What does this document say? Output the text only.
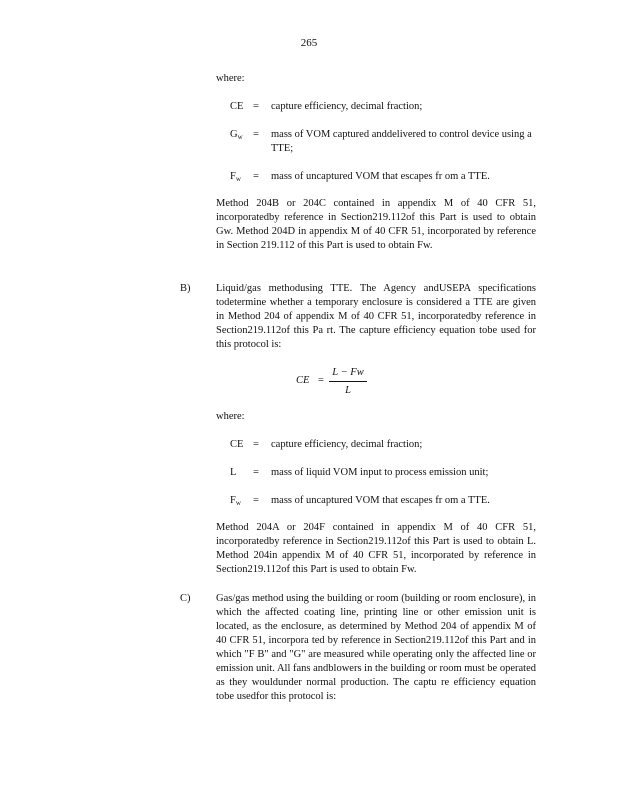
265
where:
CE =	capture efficiency, decimal fraction;
$G_w$ =	mass of VOM captured anddelivered to control device using a TTE;
$F_w$	=	mass of uncaptured VOM that escapes fr om a TTE.
Method 204B or 204C contained in appendix M of 40 CFR 51, incorporatedby reference in Section219.112of this Part is used to obtain Gw. Method 204D in appendix M of 40 CFR 51, incorporated by reference in Section 219.112 of this Part is used to obtain Fw.
B) Liquid/gas methodusing TTE. The Agency andUSEPA specifications todetermine whether a temporary enclosure is considered a TTE are given in Method 204 of appendix M of 40 CFR 51, incorporatedby reference in Section219.112of this Pa rt. The capture efficiency equation tobe used for this protocol is:
CE =
L − Fw
L
where:
CE =	capture efficiency, decimal fraction;
L	=	mass of liquid VOM input to process emission unit;
$F_w$	=	mass of uncaptured VOM that escapes fr om a TTE.
Method 204A or 204F contained in appendix M of 40 CFR 51, incorporatedby reference in Section219.112of this Part is used to obtain L. Method 204in appendix M of 40 CFR 51, incorporated by reference in Section219.112of this Part is used to obtain Fw.
C) Gas/gas method using the building or room (building or room enclosure), in which the affected coating line, printing line or other emission unit is located, as the enclosure, as determined by Method 204 of appendix M of 40 CFR 51, incorpora ted by reference in Section219.112of this Part and in which "F B" and "G" are measured while operating only the affected line or emission unit. All fans andblowers in the building or room must be operated as they wouldunder normal production. The captu re efficiency equation tobe usedfor this protocol is:
